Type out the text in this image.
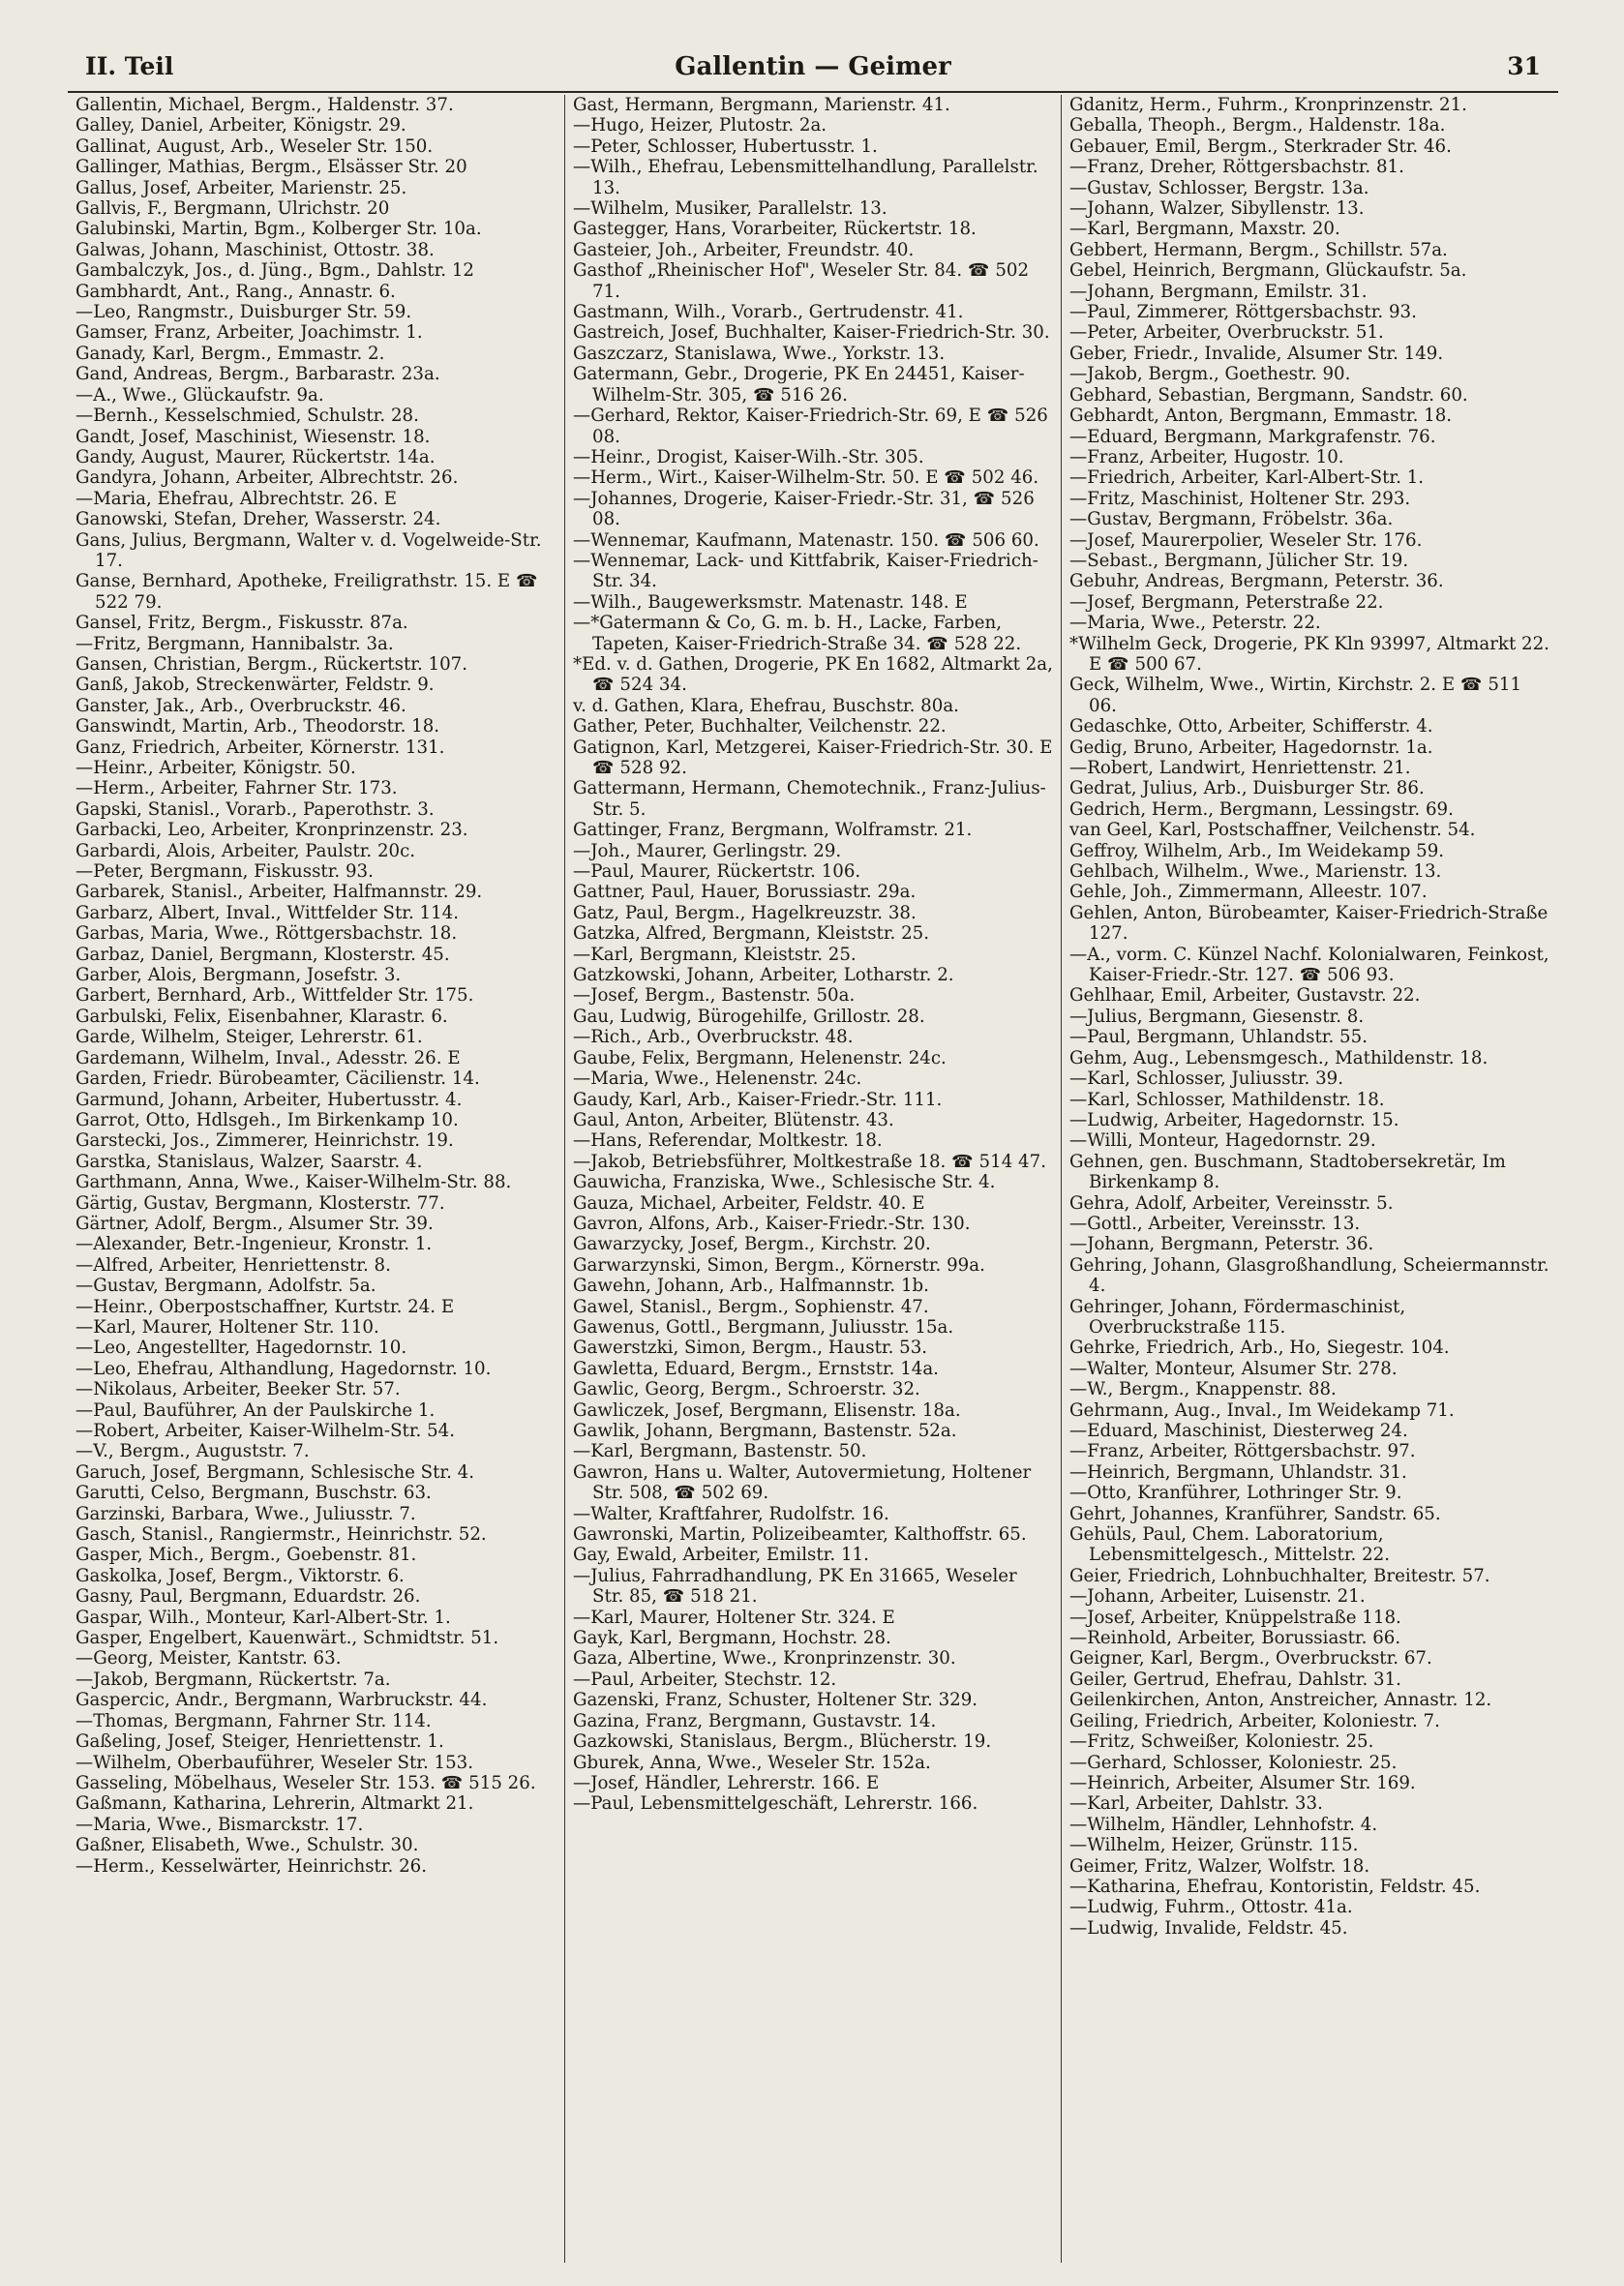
II. Teil	Gallentin — Geimer	31
Gallentin, Michael, Bergm., Haldenstr. 37.
Galley, Daniel, Arbeiter, Königstr. 29.
Gallinat, August, Arb., Weseler Str. 150.
Gallinger, Mathias, Bergm., Elsässer Str. 20
Gallus, Josef, Arbeiter, Marienstr. 25.
Gallvis, F., Bergmann, Ulrichstr. 20
Galubinski, Martin, Bgm., Kolberger Str. 10a.
Galwas, Johann, Maschinist, Ottostr. 38.
Gambalczyk, Jos., d. Jüng., Bgm., Dahlstr. 12
Gambhardt, Ant., Rang., Annastr. 6.
—Leo, Rangmstr., Duisburger Str. 59.
Gamser, Franz, Arbeiter, Joachimstr. 1.
Ganady, Karl, Bergm., Emmastr. 2.
Gand, Andreas, Bergm., Barbarastr. 23a.
—A., Wwe., Glückaufstr. 9a.
—Bernh., Kesselschmied, Schulstr. 28.
Gandt, Josef, Maschinist, Wiesenstr. 18.
Gandy, August, Maurer, Rückertstr. 14a.
Gandyra, Johann, Arbeiter, Albrechtstr. 26.
—Maria, Ehefrau, Albrechtstr. 26. E
Ganowski, Stefan, Dreher, Wasserstr. 24.
Gans, Julius, Bergmann, Walter v. d. Vogelweide-Str. 17.
Ganse, Bernhard, Apotheke, Freiligrathstr. 15. E ☎ 522 79.
Gansel, Fritz, Bergm., Fiskusstr. 87a.
—Fritz, Bergmann, Hannibalstr. 3a.
Gansen, Christian, Bergm., Rückertstr. 107.
Ganß, Jakob, Streckenwärter, Feldstr. 9.
Ganster, Jak., Arb., Overbruckstr. 46.
Ganswindt, Martin, Arb., Theodorstr. 18.
Ganz, Friedrich, Arbeiter, Körnerstr. 131.
—Heinr., Arbeiter, Königstr. 50.
—Herm., Arbeiter, Fahrner Str. 173.
Gapski, Stanisl., Vorarb., Paperothstr. 3.
Garbacki, Leo, Arbeiter, Kronprinzenstr. 23.
Garbardi, Alois, Arbeiter, Paulstr. 20c.
—Peter, Bergmann, Fiskusstr. 93.
Garbarek, Stanisl., Arbeiter, Halfmannstr. 29.
Garbarz, Albert, Inval., Wittfelder Str. 114.
Garbas, Maria, Wwe., Röttgersbachstr. 18.
Garbaz, Daniel, Bergmann, Klosterstr. 45.
Garber, Alois, Bergmann, Josefstr. 3.
Garbert, Bernhard, Arb., Wittfelder Str. 175.
Garbulski, Felix, Eisenbahner, Klarastr. 6.
Garde, Wilhelm, Steiger, Lehrerstr. 61.
Gardemann, Wilhelm, Inval., Adesstr. 26. E
Garden, Friedr. Bürobeamter, Cäcilienstr. 14.
Garmund, Johann, Arbeiter, Hubertusstr. 4.
Garrot, Otto, Hdlsgeh., Im Birkenkamp 10.
Garstecki, Jos., Zimmerer, Heinrichstr. 19.
Garstka, Stanislaus, Walzer, Saarstr. 4.
Garthmann, Anna, Wwe., Kaiser-Wilhelm-Str. 88.
Gärtig, Gustav, Bergmann, Klosterstr. 77.
Gärtner, Adolf, Bergm., Alsumer Str. 39.
—Alexander, Betr.-Ingenieur, Kronstr. 1.
—Alfred, Arbeiter, Henriettenstr. 8.
—Gustav, Bergmann, Adolfstr. 5a.
—Heinr., Oberpostschaffner, Kurtstr. 24. E
—Karl, Maurer, Holtener Str. 110.
—Leo, Angestellter, Hagedornstr. 10.
—Leo, Ehefrau, Althandlung, Hagedornstr. 10.
—Nikolaus, Arbeiter, Beeker Str. 57.
—Paul, Bauführer, An der Paulskirche 1.
—Robert, Arbeiter, Kaiser-Wilhelm-Str. 54.
—V., Bergm., Auguststr. 7.
Garuch, Josef, Bergmann, Schlesische Str. 4.
Garutti, Celso, Bergmann, Buschstr. 63.
Garzinski, Barbara, Wwe., Juliusstr. 7.
Gasch, Stanisl., Rangiermstr., Heinrichstr. 52.
Gasper, Mich., Bergm., Goebenstr. 81.
Gaskolka, Josef, Bergm., Viktorstr. 6.
Gasny, Paul, Bergmann, Eduardstr. 26.
Gaspar, Wilh., Monteur, Karl-Albert-Str. 1.
Gasper, Engelbert, Kauenwärt., Schmidtstr. 51.
—Georg, Meister, Kantstr. 63.
—Jakob, Bergmann, Rückertstr. 7a.
Gaspercic, Andr., Bergmann, Warbruckstr. 44.
—Thomas, Bergmann, Fahrner Str. 114.
Gaßeling, Josef, Steiger, Henriettenstr. 1.
—Wilhelm, Oberbauführer, Weseler Str. 153.
Gasseling, Möbelhaus, Weseler Str. 153. ☎ 515 26.
Gaßmann, Katharina, Lehrerin, Altmarkt 21.
—Maria, Wwe., Bismarckstr. 17.
Gaßner, Elisabeth, Wwe., Schulstr. 30.
—Herm., Kesselwärter, Heinrichstr. 26.
Gast, Hermann, Bergmann, Marienstr. 41.
—Hugo, Heizer, Plutostr. 2a.
—Peter, Schlosser, Hubertusstr. 1.
—Wilh., Ehefrau, Lebensmittelhandlung, Parallelstr. 13.
—Wilhelm, Musiker, Parallelstr. 13.
Gastegger, Hans, Vorarbeiter, Rückertstr. 18.
Gasteier, Joh., Arbeiter, Freundstr. 40.
Gasthof „Rheinischer Hof", Weseler Str. 84. ☎ 502 71.
Gastmann, Wilh., Vorarb., Gertrudenstr. 41.
Gastreich, Josef, Buchhalter, Kaiser-Friedrich-Str. 30.
Gaszczarz, Stanislawa, Wwe., Yorkstr. 13.
Gatermann, Gebr., Drogerie, PK En 24451, Kaiser-Wilhelm-Str. 305, ☎ 516 26.
—Gerhard, Rektor, Kaiser-Friedrich-Str. 69, E ☎ 526 08.
—Heinr., Drogist, Kaiser-Wilh.-Str. 305.
—Herm., Wirt., Kaiser-Wilhelm-Str. 50. E ☎ 502 46.
—Johannes, Drogerie, Kaiser-Friedr.-Str. 31, ☎ 526 08.
—Wennemar, Kaufmann, Matenastr. 150. ☎ 506 60.
—Wennemar, Lack- und Kittfabrik, Kaiser-Friedrich-Str. 34.
—Wilh., Baugewerksmstr. Matenastr. 148. E
—*Gatermann & Co, G. m. b. H., Lacke, Farben, Tapeten, Kaiser-Friedrich-Straße 34. ☎ 528 22.
*Ed. v. d. Gathen, Drogerie, PK En 1682, Altmarkt 2a, ☎ 524 34.
v. d. Gathen, Klara, Ehefrau, Buschstr. 80a.
Gather, Peter, Buchhalter, Veilchenstr. 22.
Gatignon, Karl, Metzgerei, Kaiser-Friedrich-Str. 30. E ☎ 528 92.
Gattermann, Hermann, Chemotechnik., Franz-Julius-Str. 5.
Gattinger, Franz, Bergmann, Wolframstr. 21.
—Joh., Maurer, Gerlingstr. 29.
—Paul, Maurer, Rückertstr. 106.
Gattner, Paul, Hauer, Borussiastr. 29a.
Gatz, Paul, Bergm., Hagelkreuzstr. 38.
Gatzka, Alfred, Bergmann, Kleiststr. 25.
—Karl, Bergmann, Kleiststr. 25.
Gatzkowski, Johann, Arbeiter, Lotharstr. 2.
—Josef, Bergm., Bastenstr. 50a.
Gau, Ludwig, Bürogehilfe, Grillostr. 28.
—Rich., Arb., Overbruckstr. 48.
Gaube, Felix, Bergmann, Helenenstr. 24c.
—Maria, Wwe., Helenenstr. 24c.
Gaudy, Karl, Arb., Kaiser-Friedr.-Str. 111.
Gaul, Anton, Arbeiter, Blütenstr. 43.
—Hans, Referendar, Moltkestr. 18.
—Jakob, Betriebsführer, Moltkestraße 18. ☎ 514 47.
Gauwicha, Franziska, Wwe., Schlesische Str. 4.
Gauza, Michael, Arbeiter, Feldstr. 40. E
Gavron, Alfons, Arb., Kaiser-Friedr.-Str. 130.
Gawarzycky, Josef, Bergm., Kirchstr. 20.
Garwarzynski, Simon, Bergm., Körnerstr. 99a.
Gawehn, Johann, Arb., Halfmannstr. 1b.
Gawel, Stanisl., Bergm., Sophienstr. 47.
Gawenus, Gottl., Bergmann, Juliusstr. 15a.
Gawerstzki, Simon, Bergm., Haustr. 53.
Gawletta, Eduard, Bergm., Ernststr. 14a.
Gawlic, Georg, Bergm., Schroerstr. 32.
Gawliczek, Josef, Bergmann, Elisenstr. 18a.
Gawlik, Johann, Bergmann, Bastenstr. 52a.
—Karl, Bergmann, Bastenstr. 50.
Gawron, Hans u. Walter, Autovermietung, Holtener Str. 508, ☎ 502 69.
—Walter, Kraftfahrer, Rudolfstr. 16.
Gawronski, Martin, Polizeibeamter, Kalthoffstr. 65.
Gay, Ewald, Arbeiter, Emilstr. 11.
—Julius, Fahrradhandlung, PK En 31665, Weseler Str. 85, ☎ 518 21.
—Karl, Maurer, Holtener Str. 324. E
Gayk, Karl, Bergmann, Hochstr. 28.
Gaza, Albertine, Wwe., Kronprinzenstr. 30.
—Paul, Arbeiter, Stechstr. 12.
Gazenski, Franz, Schuster, Holtener Str. 329.
Gazina, Franz, Bergmann, Gustavstr. 14.
Gazkowski, Stanislaus, Bergm., Blücherstr. 19.
Gburek, Anna, Wwe., Weseler Str. 152a.
—Josef, Händler, Lehrerstr. 166. E
—Paul, Lebensmittelgeschäft, Lehrerstr. 166.
Gdanitz, Herm., Fuhrm., Kronprinzenstr. 21.
Geballa, Theoph., Bergm., Haldenstr. 18a.
Gebauer, Emil, Bergm., Sterkrader Str. 46.
—Franz, Dreher, Röttgersbachstr. 81.
—Gustav, Schlosser, Bergstr. 13a.
—Johann, Walzer, Sibyllenstr. 13.
—Karl, Bergmann, Maxstr. 20.
Gebbert, Hermann, Bergm., Schillstr. 57a.
Gebel, Heinrich, Bergmann, Glückaufstr. 5a.
—Johann, Bergmann, Emilstr. 31.
—Paul, Zimmerer, Röttgersbachstr. 93.
—Peter, Arbeiter, Overbruckstr. 51.
Geber, Friedr., Invalide, Alsumer Str. 149.
—Jakob, Bergm., Goethestr. 90.
Gebhard, Sebastian, Bergmann, Sandstr. 60.
Gebhardt, Anton, Bergmann, Emmastr. 18.
—Eduard, Bergmann, Markgrafenstr. 76.
—Franz, Arbeiter, Hugostr. 10.
—Friedrich, Arbeiter, Karl-Albert-Str. 1.
—Fritz, Maschinist, Holtener Str. 293.
—Gustav, Bergmann, Fröbelstr. 36a.
—Josef, Maurerpolier, Weseler Str. 176.
—Sebast., Bergmann, Jülicher Str. 19.
Gebuhr, Andreas, Bergmann, Peterstr. 36.
—Josef, Bergmann, Peterstraße 22.
—Maria, Wwe., Peterstr. 22.
*Wilhelm Geck, Drogerie, PK Kln 93997, Altmarkt 22. E ☎ 500 67.
Geck, Wilhelm, Wwe., Wirtin, Kirchstr. 2. E ☎ 511 06.
Gedaschke, Otto, Arbeiter, Schifferstr. 4.
Gedig, Bruno, Arbeiter, Hagedornstr. 1a.
—Robert, Landwirt, Henriettenstr. 21.
Gedrat, Julius, Arb., Duisburger Str. 86.
Gedrich, Herm., Bergmann, Lessingstr. 69.
van Geel, Karl, Postschaffner, Veilchenstr. 54.
Geffroy, Wilhelm, Arb., Im Weidekamp 59.
Gehlbach, Wilhelm., Wwe., Marienstr. 13.
Gehle, Joh., Zimmermann, Alleestr. 107.
Gehlen, Anton, Bürobeamter, Kaiser-Friedrich-Straße 127.
—A., vorm. C. Künzel Nachf. Kolonialwaren, Feinkost, Kaiser-Friedr.-Str. 127. ☎ 506 93.
Gehlhaar, Emil, Arbeiter, Gustavstr. 22.
—Julius, Bergmann, Giesenstr. 8.
—Paul, Bergmann, Uhlandstr. 55.
Gehm, Aug., Lebensmgesch., Mathildenstr. 18.
—Karl, Schlosser, Juliusstr. 39.
—Karl, Schlosser, Mathildenstr. 18.
—Ludwig, Arbeiter, Hagedornstr. 15.
—Willi, Monteur, Hagedornstr. 29.
Gehnen, gen. Buschmann, Stadtobersekretär, Im Birkenkamp 8.
Gehra, Adolf, Arbeiter, Vereinsstr. 5.
—Gottl., Arbeiter, Vereinsstr. 13.
—Johann, Bergmann, Peterstr. 36.
Gehring, Johann, Glasgroßhandlung, Scheiermannstr. 4.
Gehringer, Johann, Fördermaschinist, Overbruckstraße 115.
Gehrke, Friedrich, Arb., Ho, Siegestr. 104.
—Walter, Monteur, Alsumer Str. 278.
—W., Bergm., Knappenstr. 88.
Gehrmann, Aug., Inval., Im Weidekamp 71.
—Eduard, Maschinist, Diesterweg 24.
—Franz, Arbeiter, Röttgersbachstr. 97.
—Heinrich, Bergmann, Uhlandstr. 31.
—Otto, Kranführer, Lothringer Str. 9.
Gehrt, Johannes, Kranführer, Sandstr. 65.
Gehüls, Paul, Chem. Laboratorium, Lebensmittelgesch., Mittelstr. 22.
Geier, Friedrich, Lohnbuchhalter, Breitestr. 57.
—Johann, Arbeiter, Luisenstr. 21.
—Josef, Arbeiter, Knüppelstraße 118.
—Reinhold, Arbeiter, Borussiastr. 66.
Geigner, Karl, Bergm., Overbruckstr. 67.
Geiler, Gertrud, Ehefrau, Dahlstr. 31.
Geilenkirchen, Anton, Anstreicher, Annastr. 12.
Geiling, Friedrich, Arbeiter, Koloniestr. 7.
—Fritz, Schweißer, Koloniestr. 25.
—Gerhard, Schlosser, Koloniestr. 25.
—Heinrich, Arbeiter, Alsumer Str. 169.
—Karl, Arbeiter, Dahlstr. 33.
—Wilhelm, Händler, Lehnhofstr. 4.
—Wilhelm, Heizer, Grünstr. 115.
Geimer, Fritz, Walzer, Wolfstr. 18.
—Katharina, Ehefrau, Kontoristin, Feldstr. 45.
—Ludwig, Fuhrm., Ottostr. 41a.
—Ludwig, Invalide, Feldstr. 45.
